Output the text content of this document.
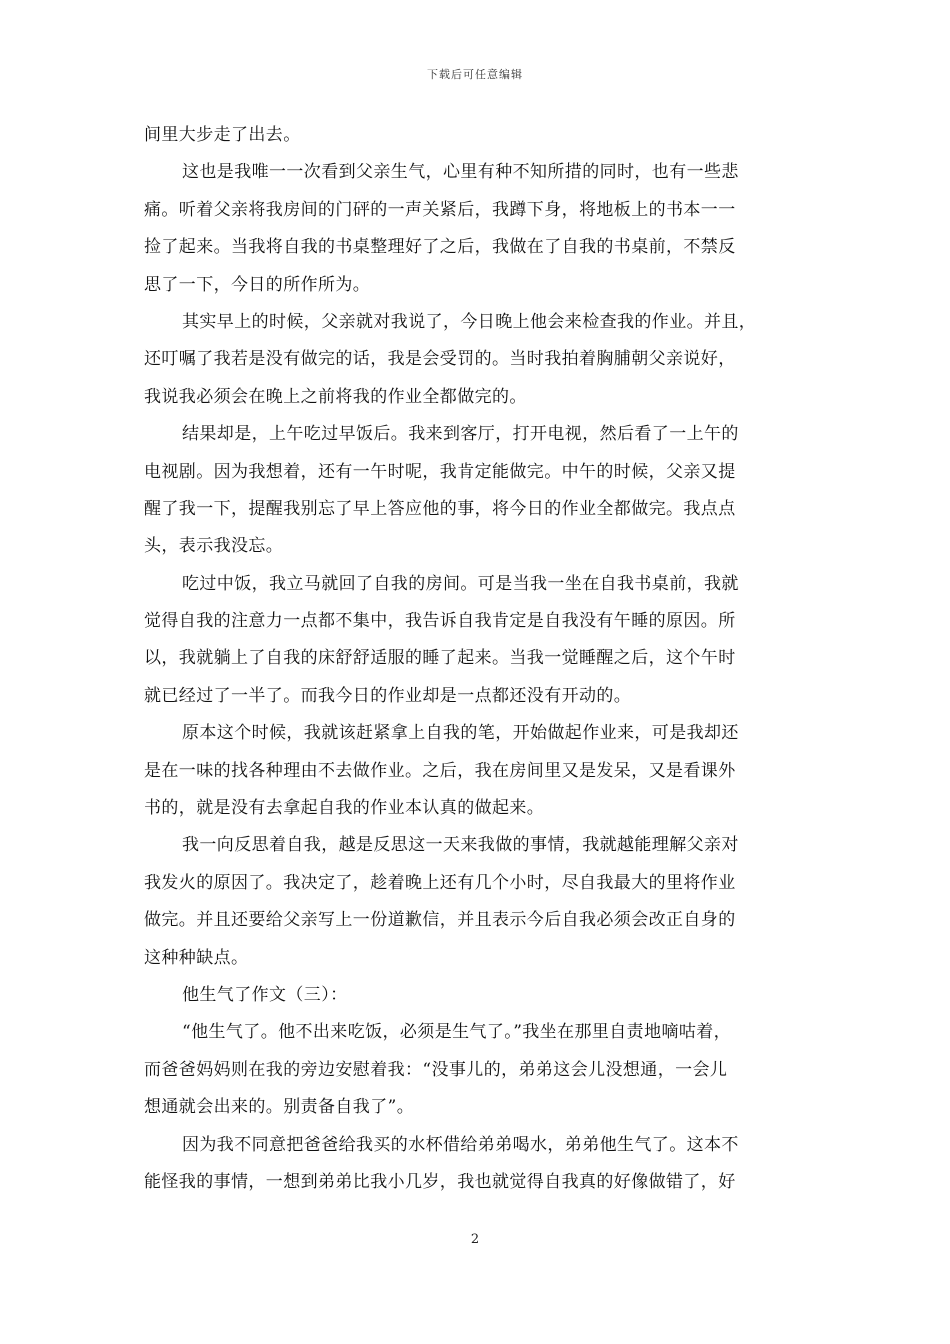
下载后可任意编辑
间里大步走了出去。
这也是我唯一一次看到父亲生气，心里有种不知所措的同时，也有一些悲
痛。听着父亲将我房间的门砰的一声关紧后，我蹲下身，将地板上的书本一一
捡了起来。当我将自我的书桌整理好了之后，我做在了自我的书桌前，不禁反
思了一下，今日的所作所为。
其实早上的时候，父亲就对我说了，今日晚上他会来检查我的作业。并且，
还叮嘱了我若是没有做完的话，我是会受罚的。当时我拍着胸脯朝父亲说好，
我说我必须会在晚上之前将我的作业全都做完的。
结果却是，上午吃过早饭后。我来到客厅，打开电视，然后看了一上午的
电视剧。因为我想着，还有一午时呢，我肯定能做完。中午的时候，父亲又提
醒了我一下，提醒我别忘了早上答应他的事，将今日的作业全都做完。我点点
头，表示我没忘。
吃过中饭，我立马就回了自我的房间。可是当我一坐在自我书桌前，我就
觉得自我的注意力一点都不集中，我告诉自我肯定是自我没有午睡的原因。所
以，我就躺上了自我的床舒舒适服的睡了起来。当我一觉睡醒之后，这个午时
就已经过了一半了。而我今日的作业却是一点都还没有开动的。
原本这个时候，我就该赶紧拿上自我的笔，开始做起作业来，可是我却还
是在一味的找各种理由不去做作业。之后，我在房间里又是发呆，又是看课外
书的，就是没有去拿起自我的作业本认真的做起来。
我一向反思着自我，越是反思这一天来我做的事情，我就越能理解父亲对
我发火的原因了。我决定了，趁着晚上还有几个小时，尽自我最大的里将作业
做完。并且还要给父亲写上一份道歉信，并且表示今后自我必须会改正自身的
这种种缺点。
他生气了作文（三）：
“他生气了。他不出来吃饭，必须是生气了。”我坐在那里自责地嘀咕着，
而爸爸妈妈则在我的旁边安慰着我：“没事儿的，弟弟这会儿没想通，一会儿
想通就会出来的。别责备自我了”。
因为我不同意把爸爸给我买的水杯借给弟弟喝水，弟弟他生气了。这本不
能怪我的事情，一想到弟弟比我小几岁，我也就觉得自我真的好像做错了，好
2
